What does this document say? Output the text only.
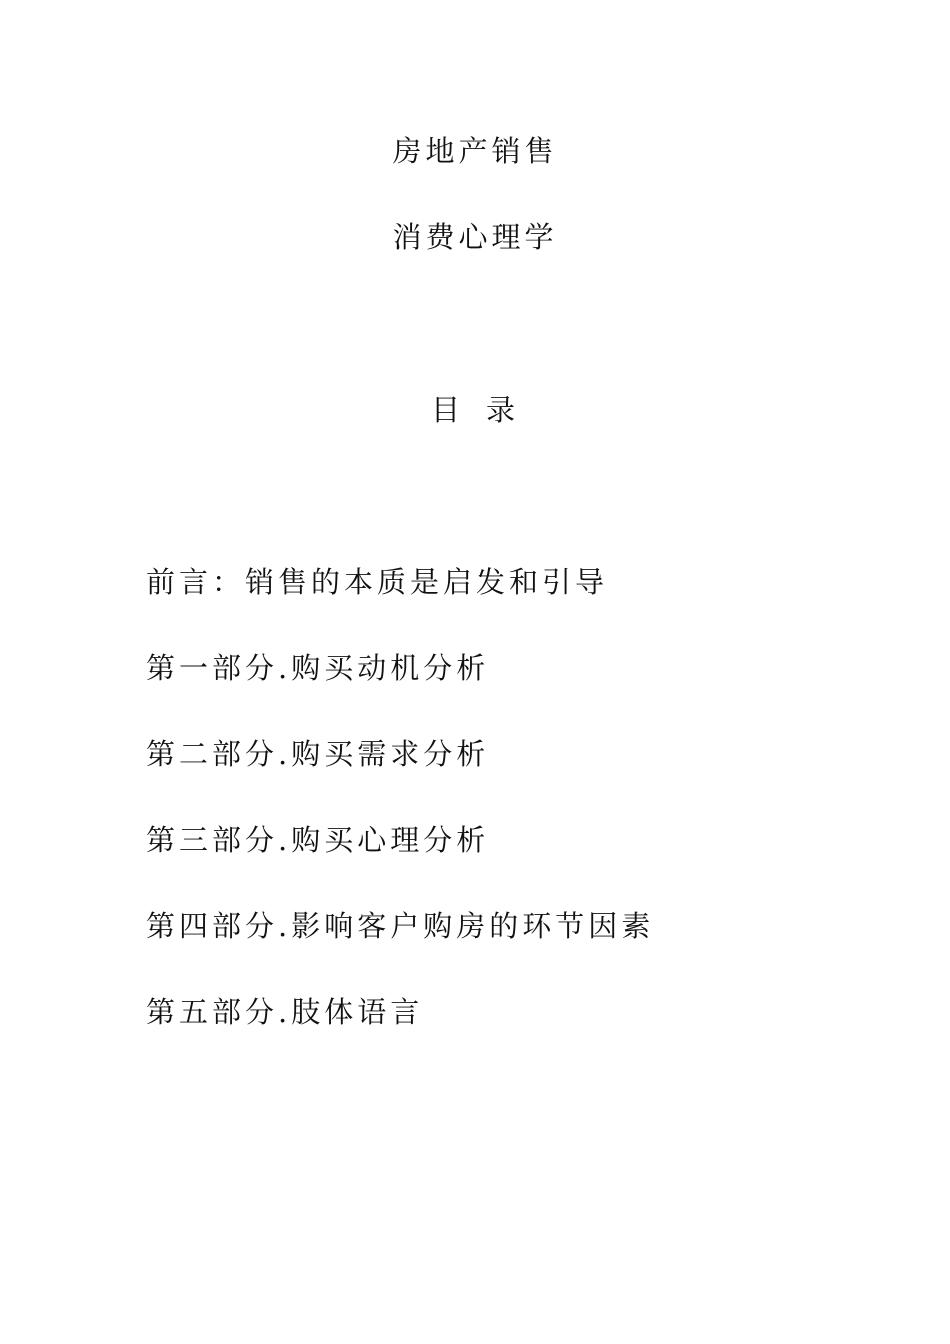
房地产销售
消费心理学
目 录
前言：销售的本质是启发和引导
第一部分.购买动机分析
第二部分.购买需求分析
第三部分.购买心理分析
第四部分.影响客户购房的环节因素
第五部分.肢体语言
